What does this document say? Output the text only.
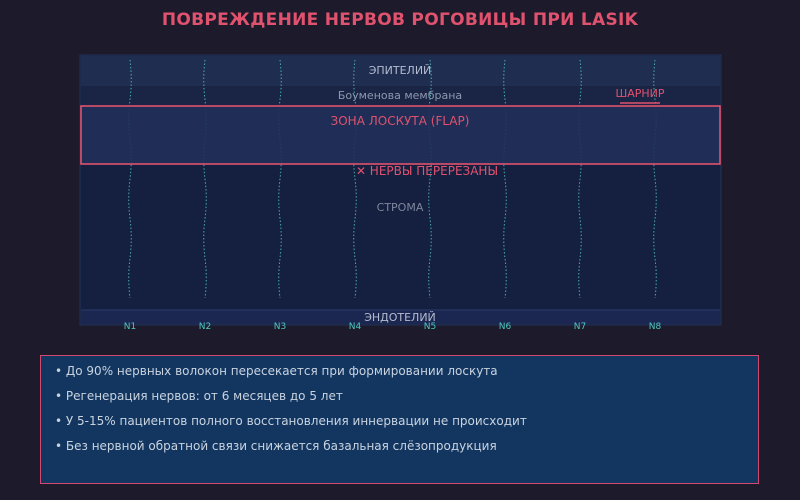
ПОВРЕЖДЕНИЕ НЕРВОВ РОГОВИЦЫ ПРИ LASIK
N1	N2	N3	N4	N5	N6	N7	N8
ЭПИТЕЛИЙ
Боуменова мембрана	ШАРНИР
ЗОНА ЛОСКУТА (FLAP)
✕ НЕРВЫ ПЕРЕРЕЗАНЫ
СТРОМА
ЭНДОТЕЛИЙ
• До 90% нервных волокон пересекается при формировании лоскута
• Регенерация нервов: от 6 месяцев до 5 лет
• У 5-15% пациентов полного восстановления иннервации не происходит
• Без нервной обратной связи снижается базальная слёзопродукция
